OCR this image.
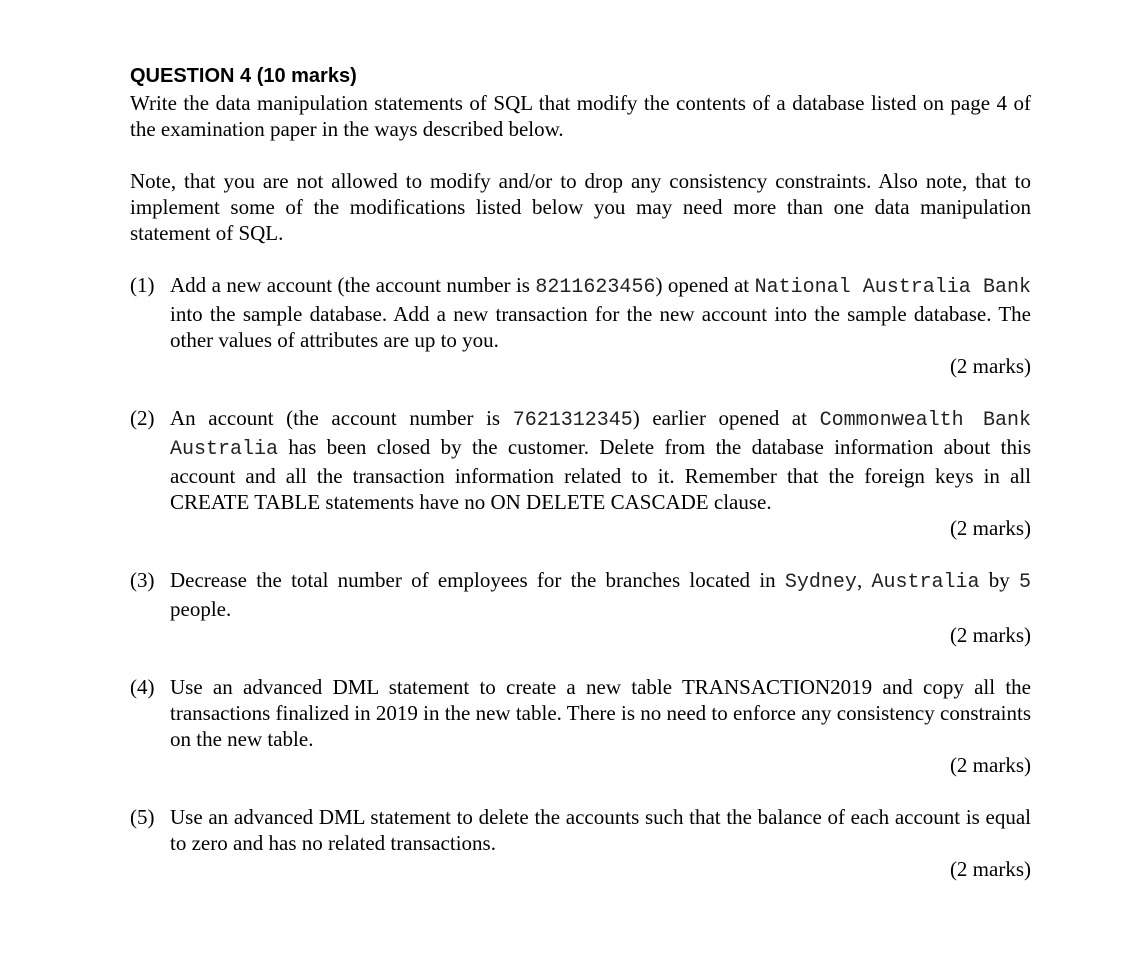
QUESTION 4 (10 marks)

Write the data manipulation statements of SQL that modify the contents of a database listed on page 4 of the examination paper in the ways described below.

Note, that you are not allowed to modify and/or to drop any consistency constraints. Also note, that to implement some of the modifications listed below you may need more than one data manipulation statement of SQL.

(1) Add a new account (the account number is 8211623456) opened at National Australia Bank into the sample database. Add a new transaction for the new account into the sample database. The other values of attributes are up to you.

(2 marks)

(2) An account (the account number is 7621312345) earlier opened at Commonwealth Bank Australia has been closed by the customer. Delete from the database information about this account and all the transaction information related to it. Remember that the foreign keys in all CREATE TABLE statements have no ON DELETE CASCADE clause.

(2 marks)

(3) Decrease the total number of employees for the branches located in Sydney, Australia by 5 people.

(2 marks)

(4) Use an advanced DML statement to create a new table TRANSACTION2019 and copy all the transactions finalized in 2019 in the new table. There is no need to enforce any consistency constraints on the new table.

(2 marks)

(5) Use an advanced DML statement to delete the accounts such that the balance of each account is equal to zero and has no related transactions.

(2 marks)
